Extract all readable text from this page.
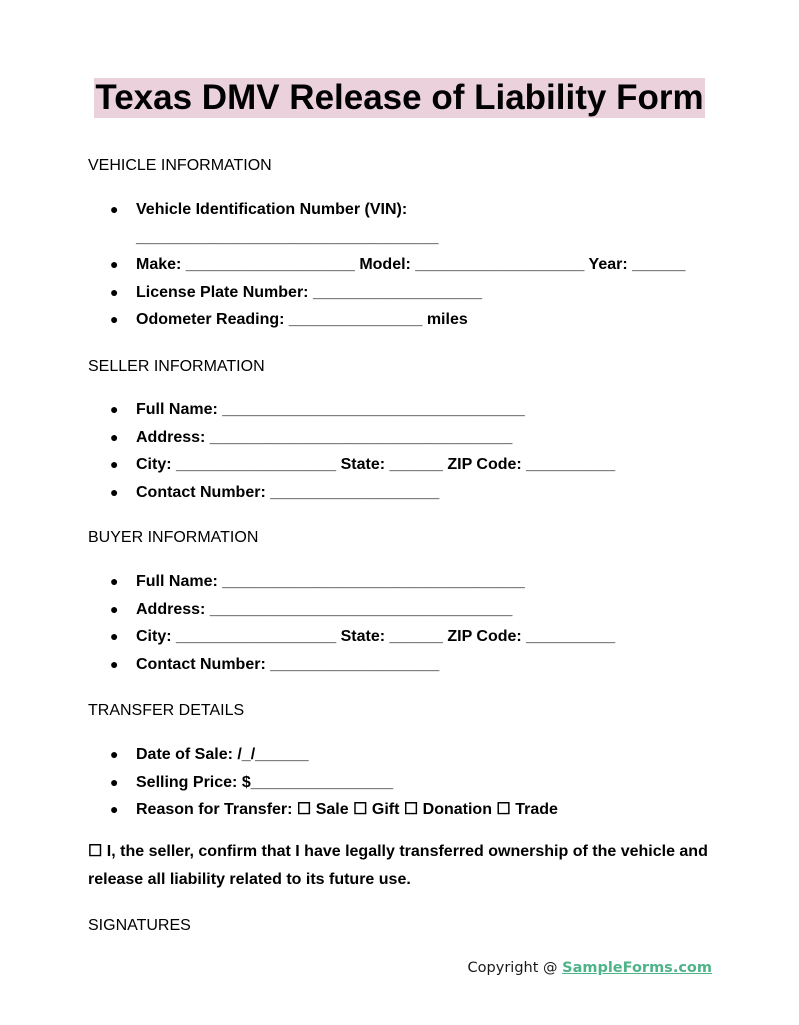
Texas DMV Release of Liability Form
VEHICLE INFORMATION
● Vehicle Identification Number (VIN):
__________________________________
● Make: ___________________ Model: ___________________ Year: ______
● License Plate Number: ___________________
● Odometer Reading: _______________ miles
SELLER INFORMATION
● Full Name: __________________________________
● Address: __________________________________
● City: __________________ State: ______ ZIP Code: __________
● Contact Number: ___________________
BUYER INFORMATION
● Full Name: __________________________________
● Address: __________________________________
● City: __________________ State: ______ ZIP Code: __________
● Contact Number: ___________________
TRANSFER DETAILS
● Date of Sale: /_/______
● Selling Price: $________________
● Reason for Transfer: ☐ Sale ☐ Gift ☐ Donation ☐ Trade

☐ I, the seller, confirm that I have legally transferred ownership of the vehicle and release all liability related to its future use.

SIGNATURES
Copyright @ SampleForms.com
